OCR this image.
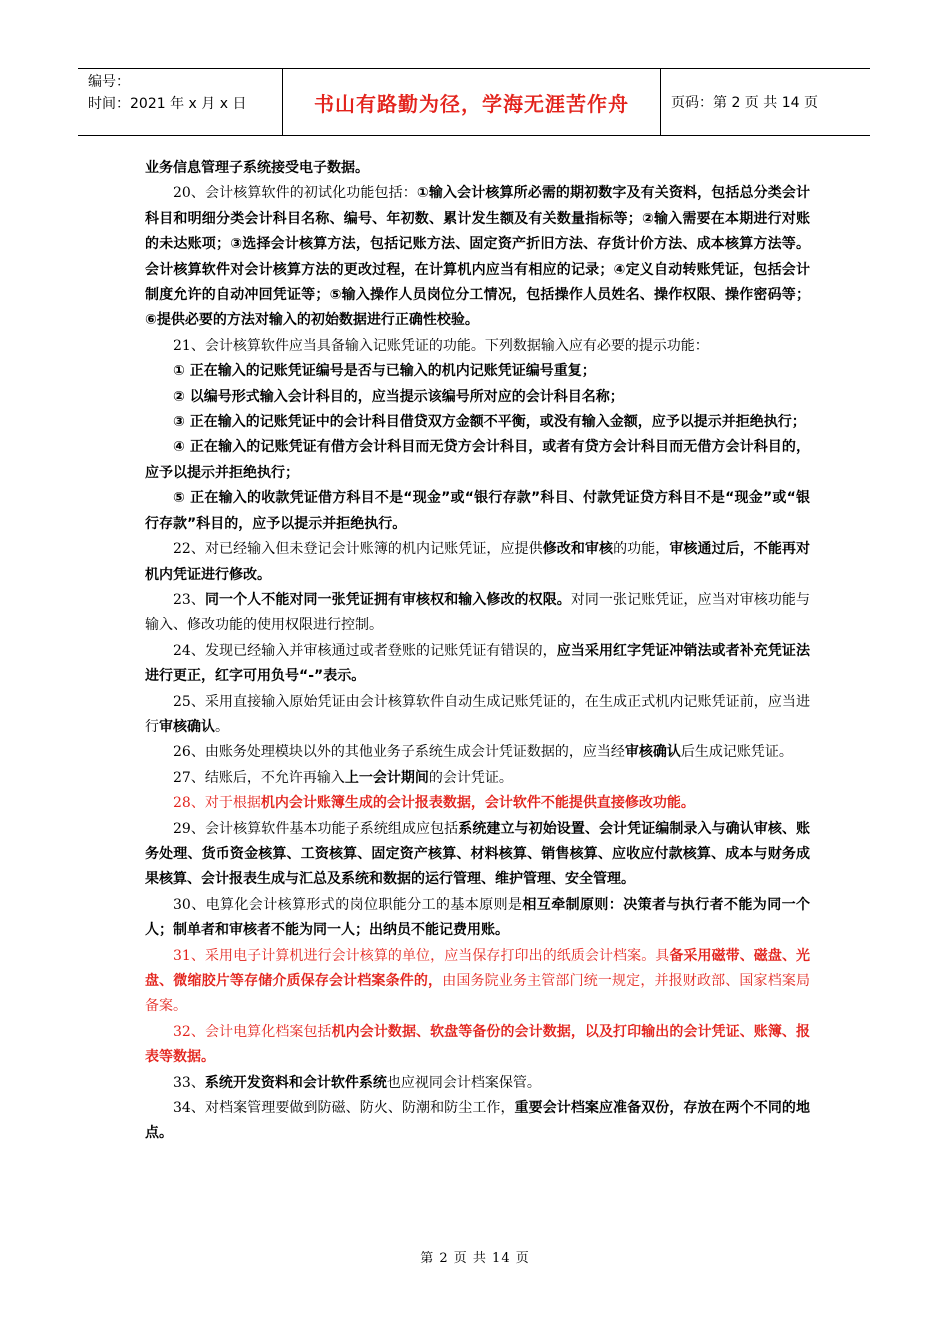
编号：
时间：2021 年 x 月 x 日	书山有路勤为径，学海无涯苦作舟	页码：第 2 页 共 14 页

业务信息管理子系统接受电子数据。

20、会计核算软件的初试化功能包括：①输入会计核算所必需的期初数字及有关资料，包括总分类会计科目和明细分类会计科目名称、编号、年初数、累计发生额及有关数量指标等；②输入需要在本期进行对账的未达账项；③选择会计核算方法，包括记账方法、固定资产折旧方法、存货计价方法、成本核算方法等。会计核算软件对会计核算方法的更改过程，在计算机内应当有相应的记录；④定义自动转账凭证，包括会计制度允许的自动冲回凭证等；⑤输入操作人员岗位分工情况，包括操作人员姓名、操作权限、操作密码等；⑥提供必要的方法对输入的初始数据进行正确性校验。

21、会计核算软件应当具备输入记账凭证的功能。下列数据输入应有必要的提示功能：

① 正在输入的记账凭证编号是否与已输入的机内记账凭证编号重复；

② 以编号形式输入会计科目的，应当提示该编号所对应的会计科目名称；

③ 正在输入的记账凭证中的会计科目借贷双方金额不平衡，或没有输入金额，应予以提示并拒绝执行；

④ 正在输入的记账凭证有借方会计科目而无贷方会计科目，或者有贷方会计科目而无借方会计科目的，应予以提示并拒绝执行；

⑤ 正在输入的收款凭证借方科目不是“现金”或“银行存款”科目、付款凭证贷方科目不是“现金”或“银行存款”科目的，应予以提示并拒绝执行。

22、对已经输入但未登记会计账簿的机内记账凭证，应提供修改和审核的功能，审核通过后，不能再对机内凭证进行修改。

23、同一个人不能对同一张凭证拥有审核权和输入修改的权限。对同一张记账凭证，应当对审核功能与输入、修改功能的使用权限进行控制。

24、发现已经输入并审核通过或者登账的记账凭证有错误的，应当采用红字凭证冲销法或者补充凭证法进行更正，红字可用负号“-”表示。

25、采用直接输入原始凭证由会计核算软件自动生成记账凭证的，在生成正式机内记账凭证前，应当进行审核确认。

26、由账务处理模块以外的其他业务子系统生成会计凭证数据的，应当经审核确认后生成记账凭证。

27、结账后，不允许再输入上一会计期间的会计凭证。

28、对于根据机内会计账簿生成的会计报表数据，会计软件不能提供直接修改功能。

29、会计核算软件基本功能子系统组成应包括系统建立与初始设置、会计凭证编制录入与确认审核、账务处理、货币资金核算、工资核算、固定资产核算、材料核算、销售核算、应收应付款核算、成本与财务成果核算、会计报表生成与汇总及系统和数据的运行管理、维护管理、安全管理。

30、电算化会计核算形式的岗位职能分工的基本原则是相互牵制原则：决策者与执行者不能为同一个人；制单者和审核者不能为同一人；出纳员不能记费用账。

31、采用电子计算机进行会计核算的单位，应当保存打印出的纸质会计档案。具备采用磁带、磁盘、光盘、微缩胶片等存储介质保存会计档案条件的，由国务院业务主管部门统一规定，并报财政部、国家档案局备案。

32、会计电算化档案包括机内会计数据、软盘等备份的会计数据，以及打印输出的会计凭证、账簿、报表等数据。

33、系统开发资料和会计软件系统也应视同会计档案保管。

34、对档案管理要做到防磁、防火、防潮和防尘工作，重要会计档案应准备双份，存放在两个不同的地点。

第 2 页 共 14 页
